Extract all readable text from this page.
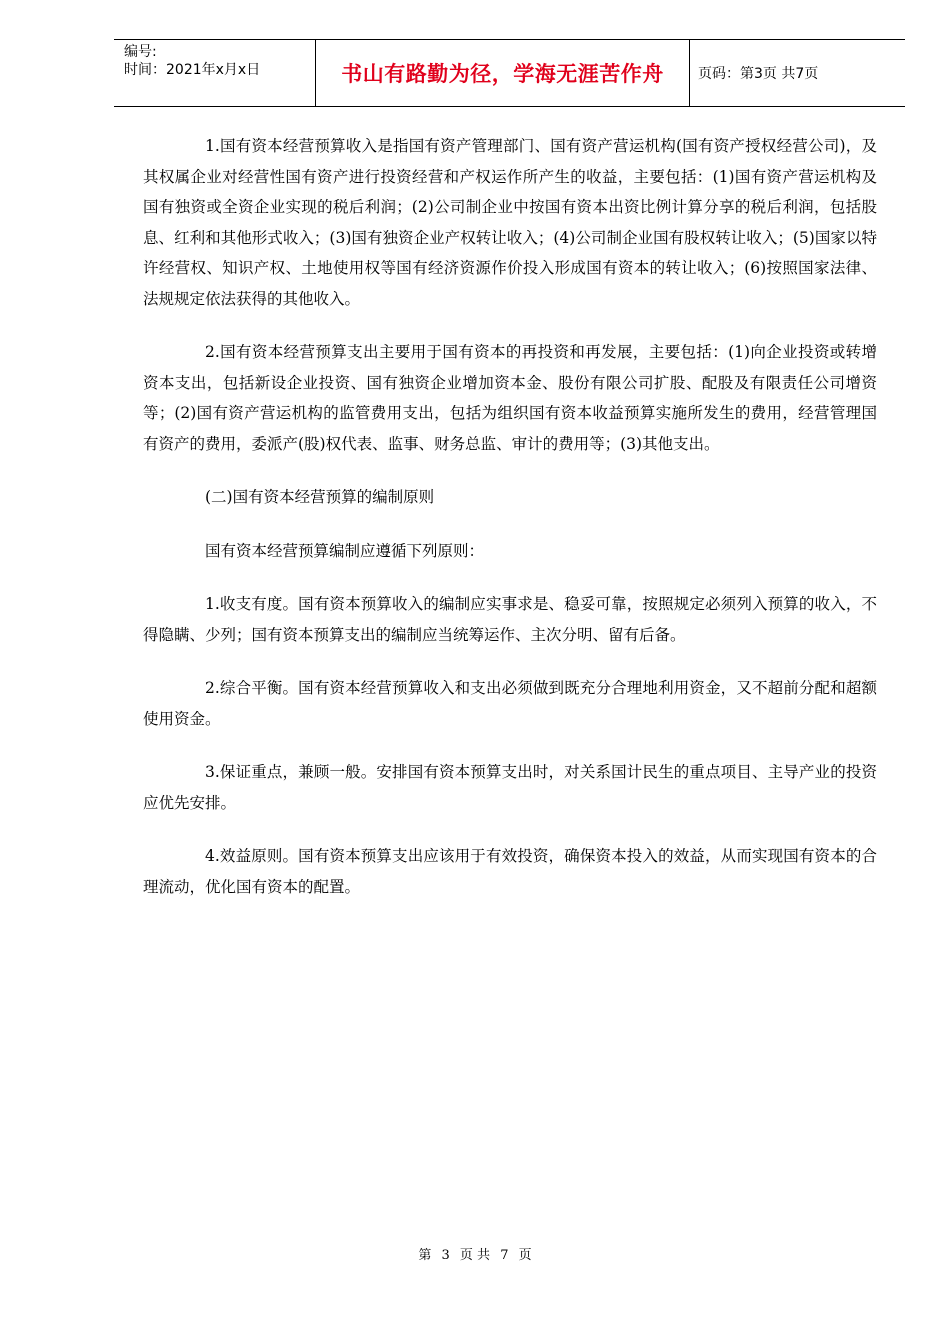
编号:
时间：2021年x月x日	书山有路勤为径，学海无涯苦作舟 页码：第3页 共7页

1.国有资本经营预算收入是指国有资产管理部门、国有资产营运机构(国有资产授权经营公司)，及其权属企业对经营性国有资产进行投资经营和产权运作所产生的收益，主要包括：(1)国有资产营运机构及国有独资或全资企业实现的税后利润；(2)公司制企业中按国有资本出资比例计算分享的税后利润，包括股息、红利和其他形式收入；(3)国有独资企业产权转让收入；(4)公司制企业国有股权转让收入；(5)国家以特许经营权、知识产权、土地使用权等国有经济资源作价投入形成国有资本的转让收入；(6)按照国家法律、法规规定依法获得的其他收入。

2.国有资本经营预算支出主要用于国有资本的再投资和再发展，主要包括：(1)向企业投资或转增资本支出，包括新设企业投资、国有独资企业增加资本金、股份有限公司扩股、配股及有限责任公司增资等；(2)国有资产营运机构的监管费用支出，包括为组织国有资本收益预算实施所发生的费用，经营管理国有资产的费用，委派产(股)权代表、监事、财务总监、审计的费用等；(3)其他支出。

(二)国有资本经营预算的编制原则

国有资本经营预算编制应遵循下列原则：

1.收支有度。国有资本预算收入的编制应实事求是、稳妥可靠，按照规定必须列入预算的收入，不得隐瞒、少列；国有资本预算支出的编制应当统筹运作、主次分明、留有后备。

2.综合平衡。国有资本经营预算收入和支出必须做到既充分合理地利用资金，又不超前分配和超额使用资金。

3.保证重点，兼顾一般。安排国有资本预算支出时，对关系国计民生的重点项目、主导产业的投资应优先安排。

4.效益原则。国有资本预算支出应该用于有效投资，确保资本投入的效益，从而实现国有资本的合理流动，优化国有资本的配置。

第 3 页 共 7 页
